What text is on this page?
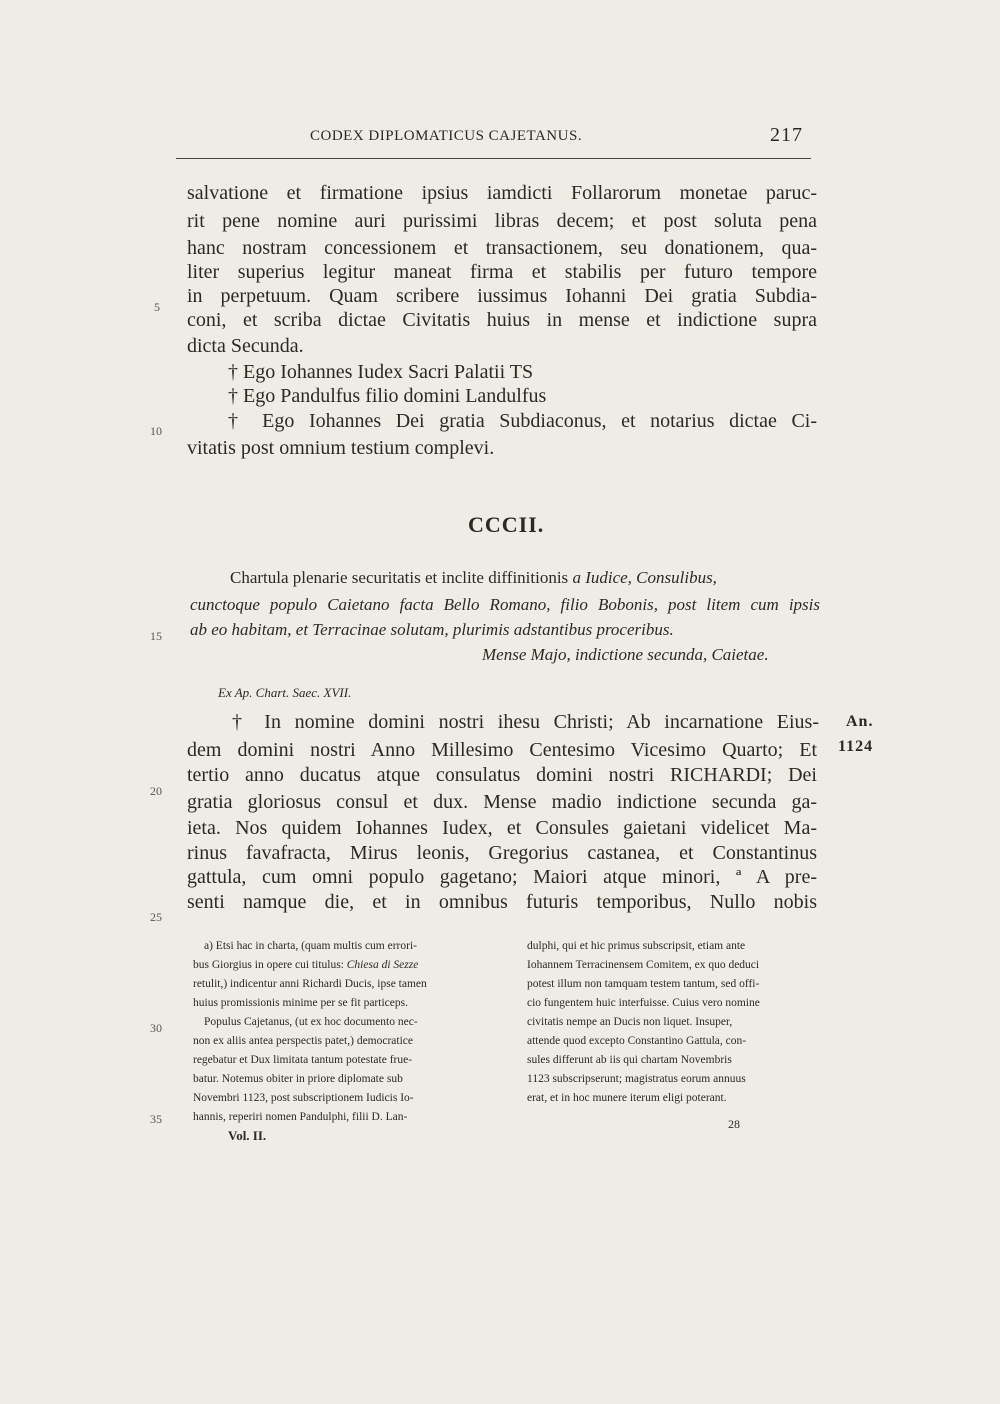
CODEX DIPLOMATICUS CAJETANUS.	217
salvatione et firmatione ipsius iamdicti Follarorum monetae paruc-
rit pene nomine auri purissimi libras decem; et post soluta pena
hanc nostram concessionem et transactionem, seu donationem, qua-
liter superius legitur maneat firma et stabilis per futuro tempore
in perpetuum. Quam scribere iussimus Iohanni Dei gratia Subdia-
coni, et scriba dictae Civitatis huius in mense et indictione supra
dicta Secunda.
† Ego Iohannes Iudex Sacri Palatii TS
† Ego Pandulfus filio domini Landulfus
† Ego Iohannes Dei gratia Subdiaconus, et notarius dictae Ci-
vitatis post omnium testium complevi.
5
10
15
20
25
30
35
CCCII.
Chartula plenarie securitatis et inclite diffinitionis a Iudice, Consulibus,
cunctoque populo Caietano facta Bello Romano, filio Bobonis, post litem cum ipsis
ab eo habitam, et Terracinae solutam, plurimis adstantibus proceribus.
Mense Majo, indictione secunda, Caietae.
Ex Ap. Chart. Saec. XVII.
An.
1124
† In nomine domini nostri ihesu Christi; Ab incarnatione Eius-
dem domini nostri Anno Millesimo Centesimo Vicesimo Quarto; Et
tertio anno ducatus atque consulatus domini nostri RICHARDI; Dei
gratia gloriosus consul et dux. Mense madio indictione secunda ga-
ieta. Nos quidem Iohannes Iudex, et Consules gaietani videlicet Ma-
rinus favafracta, Mirus leonis, Gregorius castanea, et Constantinus
gattula, cum omni populo gagetano; Maiori atque minori, ª A pre-
senti namque die, et in omnibus futuris temporibus, Nullo nobis
a) Etsi hac in charta, (quam multis cum errori-
bus Giorgius in opere cui titulus: Chiesa di Sezze
retulit,) indicentur anni Richardi Ducis, ipse tamen
huius promissionis minime per se fit particeps.
Populus Cajetanus, (ut ex hoc documento nec-
non ex aliis antea perspectis patet,) democratice
regebatur et Dux limitata tantum potestate frue-
batur. Notemus obiter in priore diplomate sub
Novembri 1123, post subscriptionem Iudicis Io-
hannis, reperiri nomen Pandulphi, filii D. Lan-
dulphi, qui et hic primus subscripsit, etiam ante
Iohannem Terracinensem Comitem, ex quo deduci
potest illum non tamquam testem tantum, sed offi-
cio fungentem huic interfuisse. Cuius vero nomine
civitatis nempe an Ducis non liquet. Insuper,
attende quod excepto Constantino Gattula, con-
sules differunt ab iis qui chartam Novembris
1123 subscripserunt; magistratus eorum annuus
erat, et in hoc munere iterum eligi poterant.
Vol. II.
28
